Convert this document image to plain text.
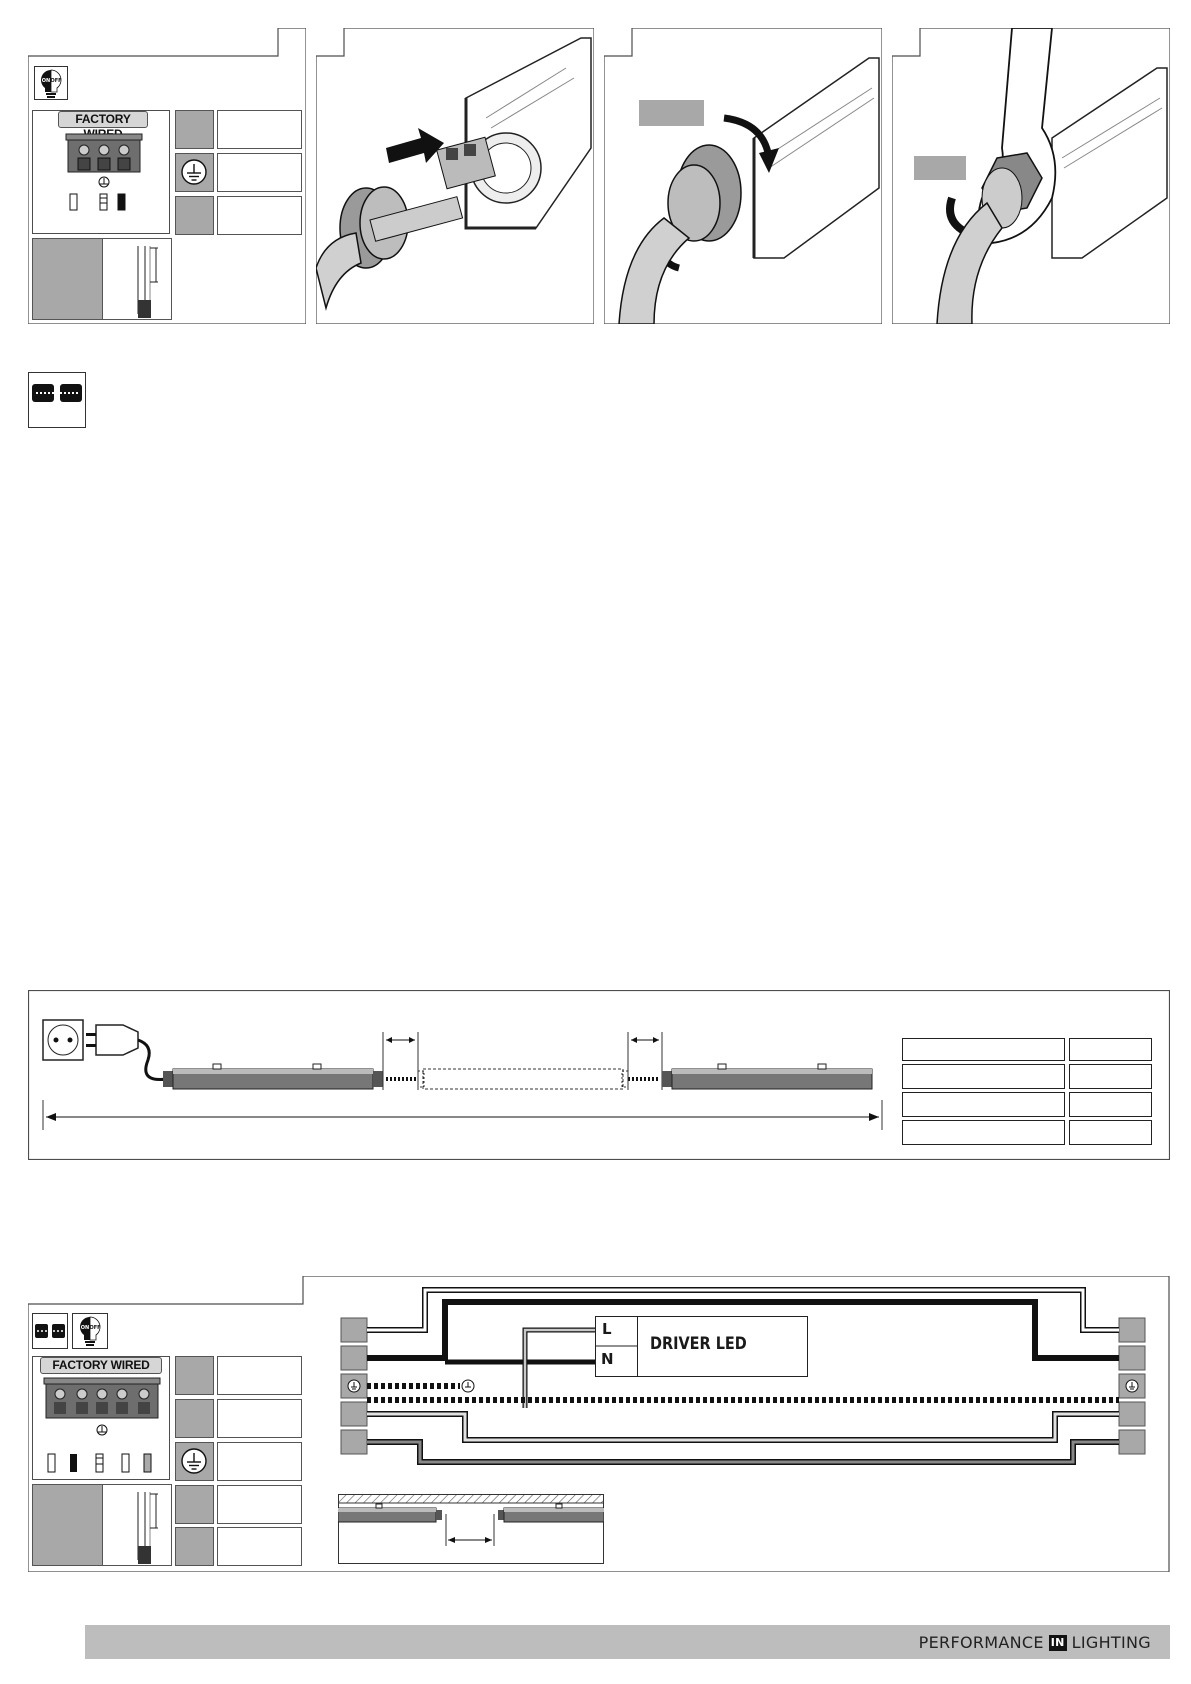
ON OFF
FACTORY
ON OFF
FACTORY WIRED
L
N
DRIVER LED
PERFORMANCE IN LIGHTING
